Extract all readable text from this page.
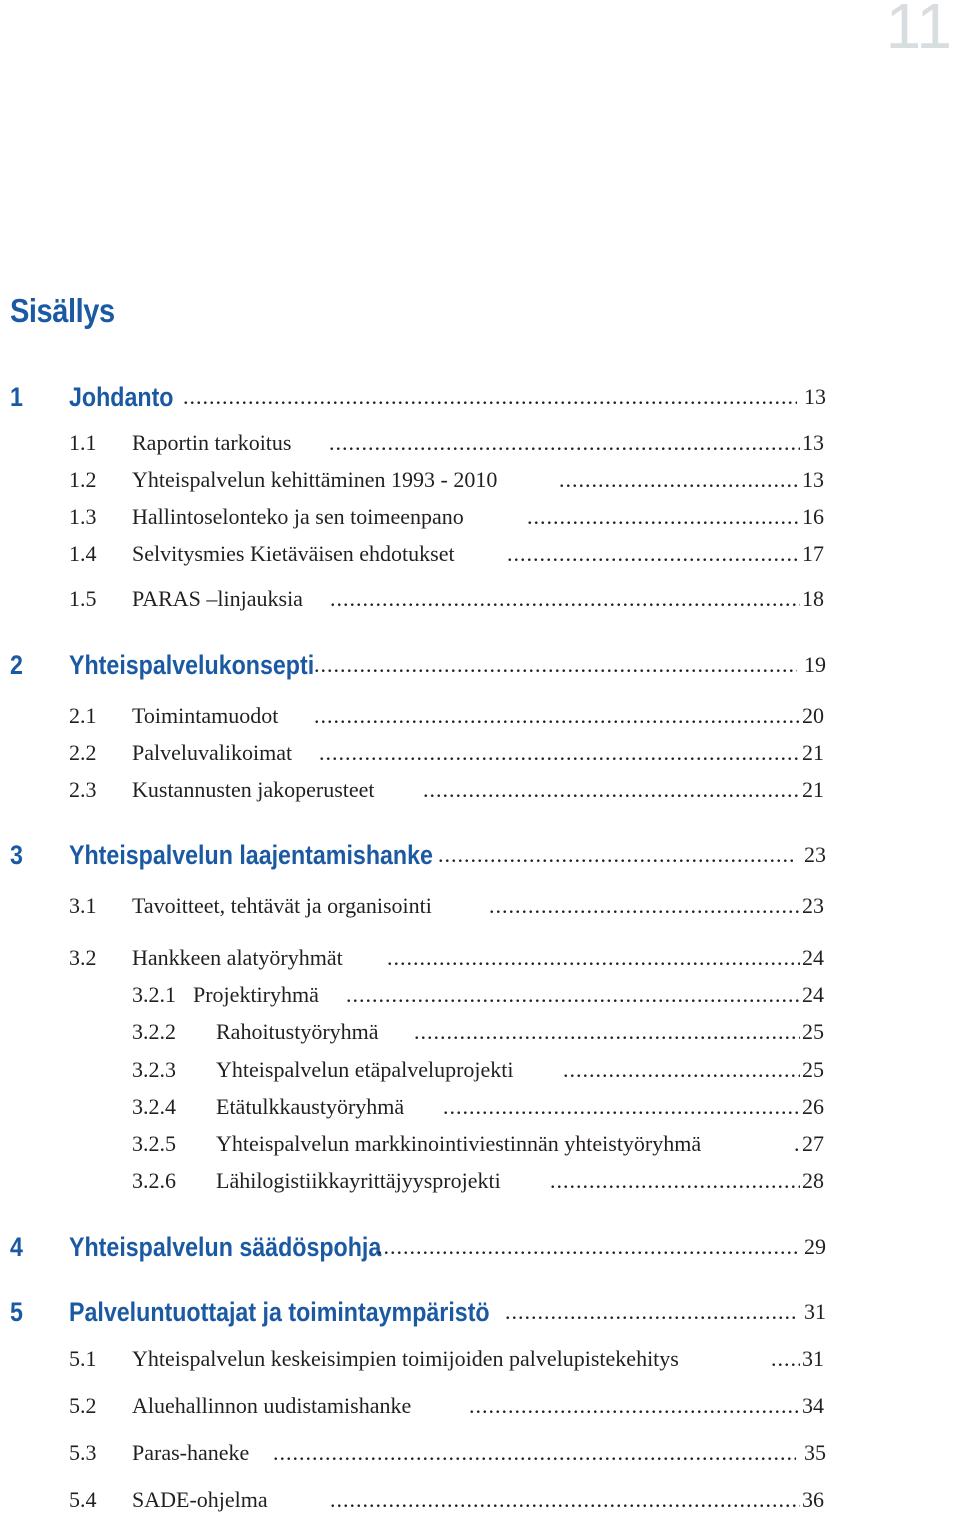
11
Sisällys
1 Johdanto .....	13
1.1 Raportin tarkoitus .....	13
1.2 Yhteispalvelun kehittäminen 1993 - 2010 .....	13
1.3 Hallintoselonteko ja sen toimeenpano .....	16
1.4 Selvitysmies Kietäväisen ehdotukset .....	17
1.5 PARAS –linjauksia .....	18
2 Yhteispalvelukonsepti .....	19
2.1 Toimintamuodot .....	20
2.2 Palveluvalikoimat .....	21
2.3 Kustannusten jakoperusteet .....	21
3 Yhteispalvelun laajentamishanke .....	23
3.1 Tavoitteet, tehtävät ja organisointi .....	23
3.2 Hankkeen alatyöryhmät .....	24
3.2.1 Projektiryhmä .....	24
3.2.2 Rahoitustyöryhmä .....	25
3.2.3 Yhteispalvelun etäpalveluprojekti .....	25
3.2.4 Etätulkkaustyöryhmä .....	26
3.2.5 Yhteispalvelun markkinointiviestinnän yhteistyöryhmä .....	27
3.2.6 Lähilogistiikkayrittäjyysprojekti .....	28
4 Yhteispalvelun säädöspohja .....	29
5 Palveluntuottajat ja toimintaympäristö .....	31
5.1 Yhteispalvelun keskeisimpien toimijoiden palvelupistekehitys .....	31
5.2 Aluehallinnon uudistamishanke .....	34
5.3 Paras-haneke .....	35
5.4 SADE-ohjelma .....	36
